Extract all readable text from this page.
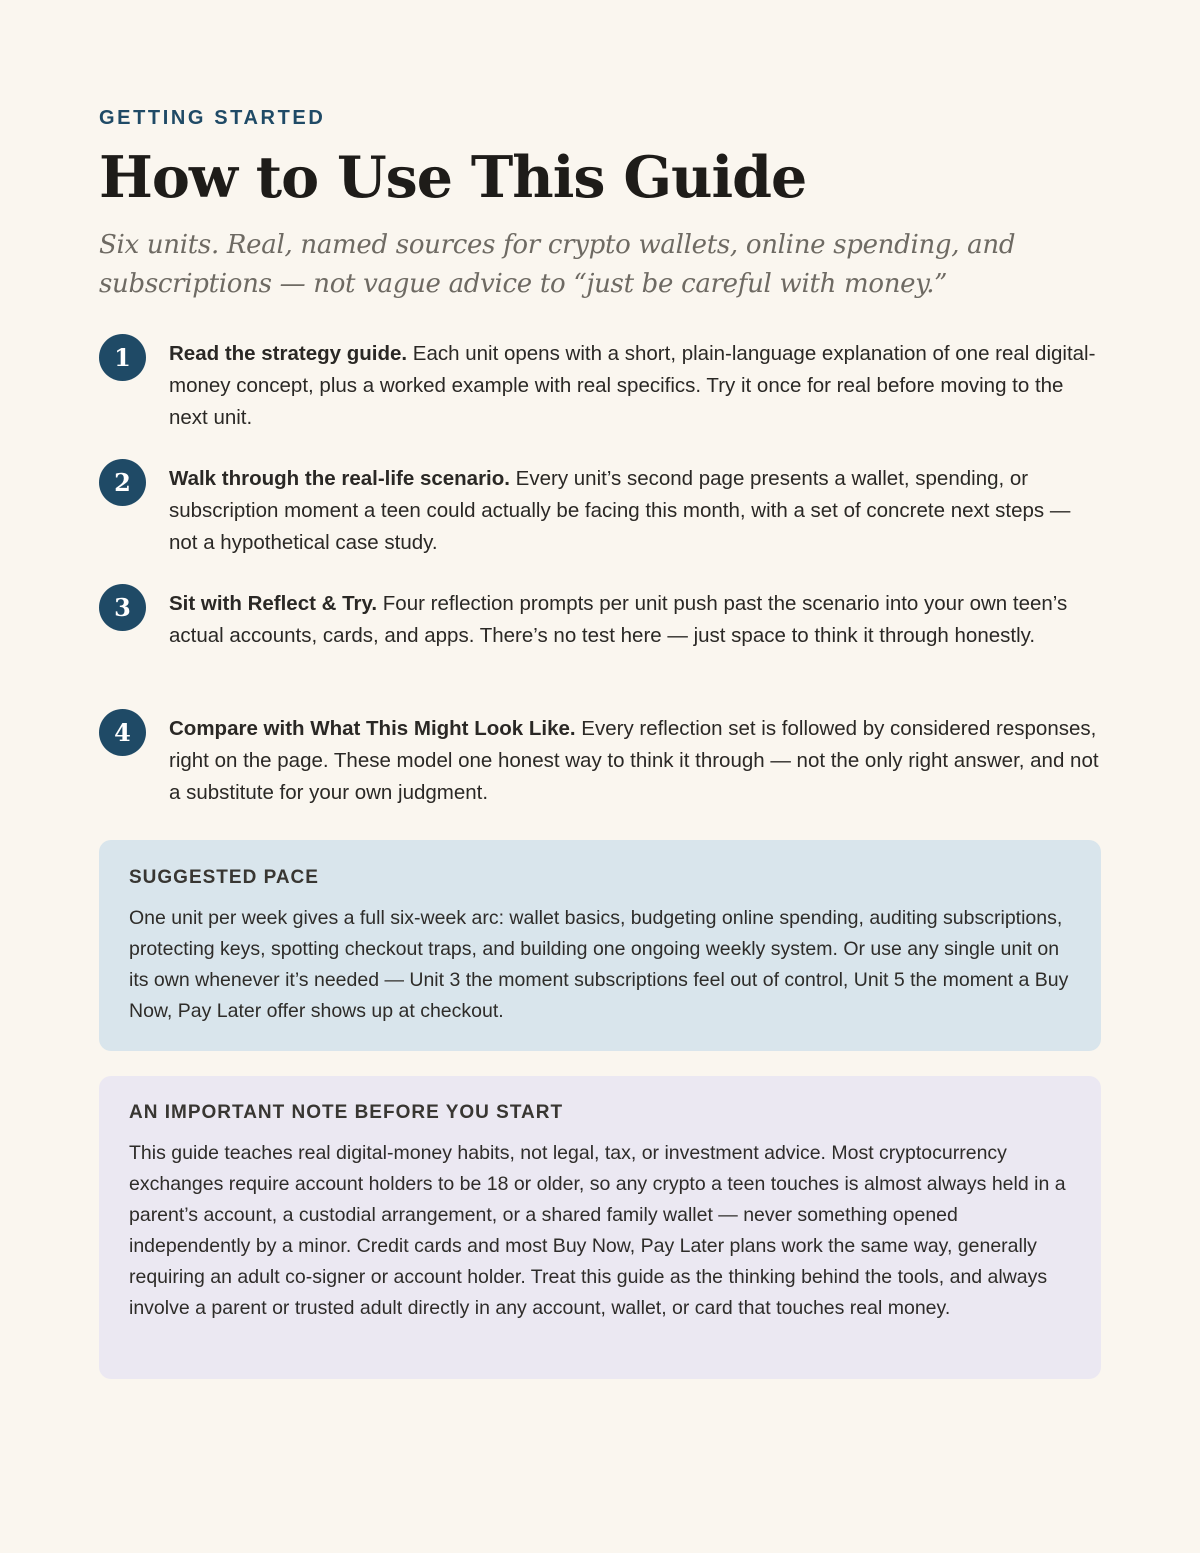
GETTING STARTED
How to Use This Guide

Six units. Real, named sources for crypto wallets, online spending, and subscriptions — not vague advice to “just be careful with money.”

1	Read the strategy guide. Each unit opens with a short, plain-language explanation of one real digital-money concept, plus a worked example with real specifics. Try it once for real before moving to the next unit.

2	Walk through the real-life scenario. Every unit’s second page presents a wallet, spending, or subscription moment a teen could actually be facing this month, with a set of concrete next steps — not a hypothetical case study.

3	Sit with Reflect & Try. Four reflection prompts per unit push past the scenario into your own teen’s actual accounts, cards, and apps. There’s no test here — just space to think it through honestly.

4	Compare with What This Might Look Like. Every reflection set is followed by considered responses, right on the page. These model one honest way to think it through — not the only right answer, and not a substitute for your own judgment.

SUGGESTED PACE

One unit per week gives a full six-week arc: wallet basics, budgeting online spending, auditing subscriptions, protecting keys, spotting checkout traps, and building one ongoing weekly system. Or use any single unit on its own whenever it’s needed — Unit 3 the moment subscriptions feel out of control, Unit 5 the moment a Buy Now, Pay Later offer shows up at checkout.

AN IMPORTANT NOTE BEFORE YOU START

This guide teaches real digital-money habits, not legal, tax, or investment advice. Most cryptocurrency exchanges require account holders to be 18 or older, so any crypto a teen touches is almost always held in a parent’s account, a custodial arrangement, or a shared family wallet — never something opened independently by a minor. Credit cards and most Buy Now, Pay Later plans work the same way, generally requiring an adult co-signer or account holder. Treat this guide as the thinking behind the tools, and always involve a parent or trusted adult directly in any account, wallet, or card that touches real money.
